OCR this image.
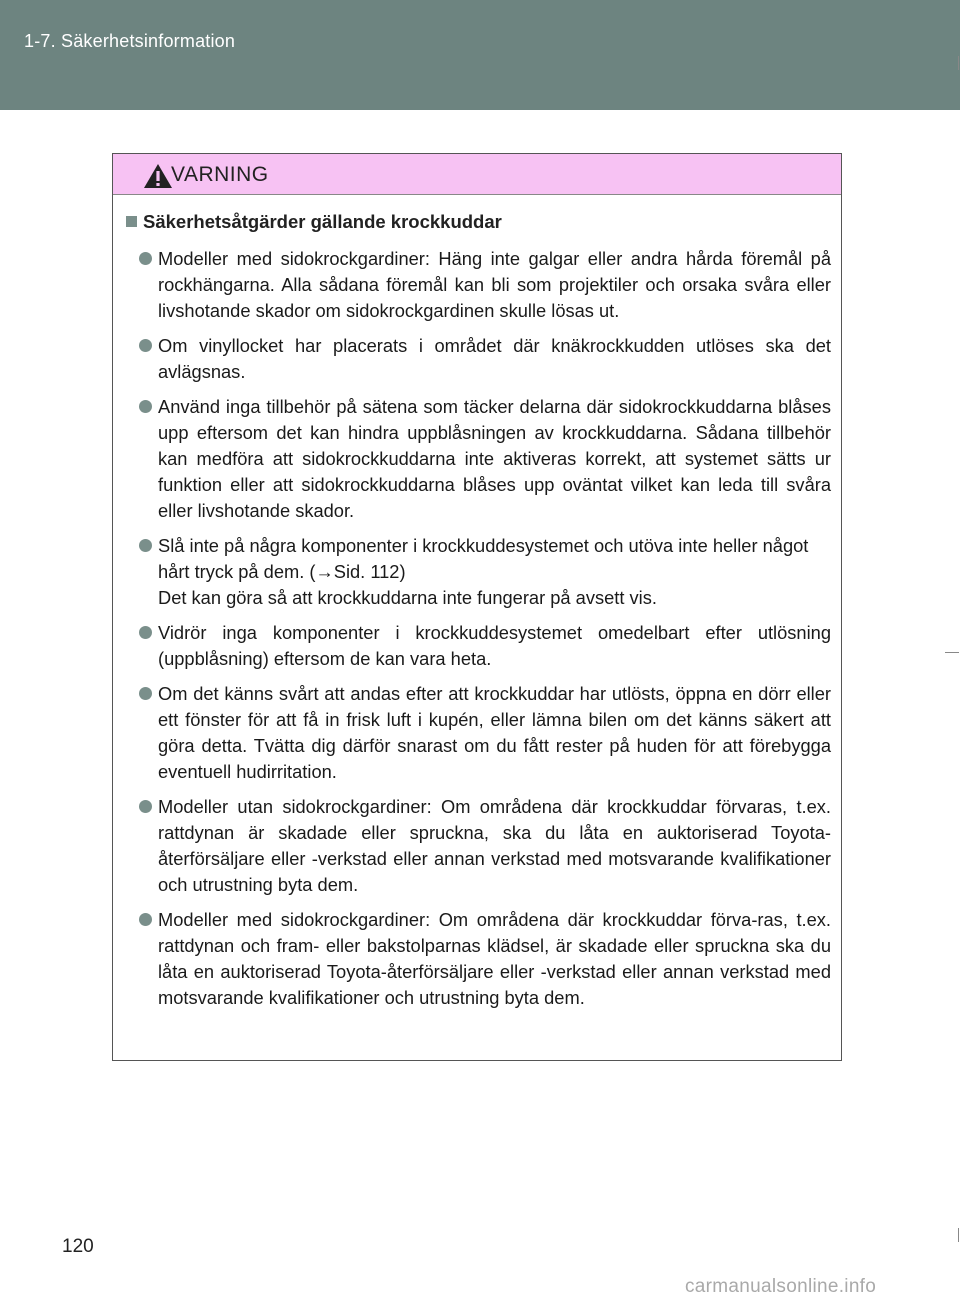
1-7. Säkerhetsinformation
VARNING
Säkerhetsåtgärder gällande krockkuddar

Modeller med sidokrockgardiner: Häng inte galgar eller andra hårda föremål på rockhängarna. Alla sådana föremål kan bli som projektiler och orsaka svåra eller livshotande skador om sidokrockgardinen skulle lösas ut.

Om vinyllocket har placerats i området där knäkrockkudden utlöses ska det avlägsnas.

Använd inga tillbehör på sätena som täcker delarna där sidokrockkuddarna blåses upp eftersom det kan hindra uppblåsningen av krockkuddarna. Sådana tillbehör kan medföra att sidokrockkuddarna inte aktiveras korrekt, att systemet sätts ur funktion eller att sidokrockkuddarna blåses upp oväntat vilket kan leda till svåra eller livshotande skador.

Slå inte på några komponenter i krockkuddesystemet och utöva inte heller något hårt tryck på dem. (→Sid. 112)
Det kan göra så att krockkuddarna inte fungerar på avsett vis.

Vidrör inga komponenter i krockkuddesystemet omedelbart efter utlösning (uppblåsning) eftersom de kan vara heta.

Om det känns svårt att andas efter att krockkuddar har utlösts, öppna en dörr eller ett fönster för att få in frisk luft i kupén, eller lämna bilen om det känns säkert att göra detta. Tvätta dig därför snarast om du fått rester på huden för att förebygga eventuell hudirritation.

Modeller utan sidokrockgardiner: Om områdena där krockkuddar förvaras, t.ex. rattdynan är skadade eller spruckna, ska du låta en auktoriserad Toyota-återförsäljare eller -verkstad eller annan verkstad med motsvarande kvalifikationer och utrustning byta dem.

Modeller med sidokrockgardiner: Om områdena där krockkuddar förva-ras, t.ex. rattdynan och fram- eller bakstolparnas klädsel, är skadade eller spruckna ska du låta en auktoriserad Toyota-återförsäljare eller -verkstad eller annan verkstad med motsvarande kvalifikationer och utrustning byta dem.

120
carmanualsonline.info
